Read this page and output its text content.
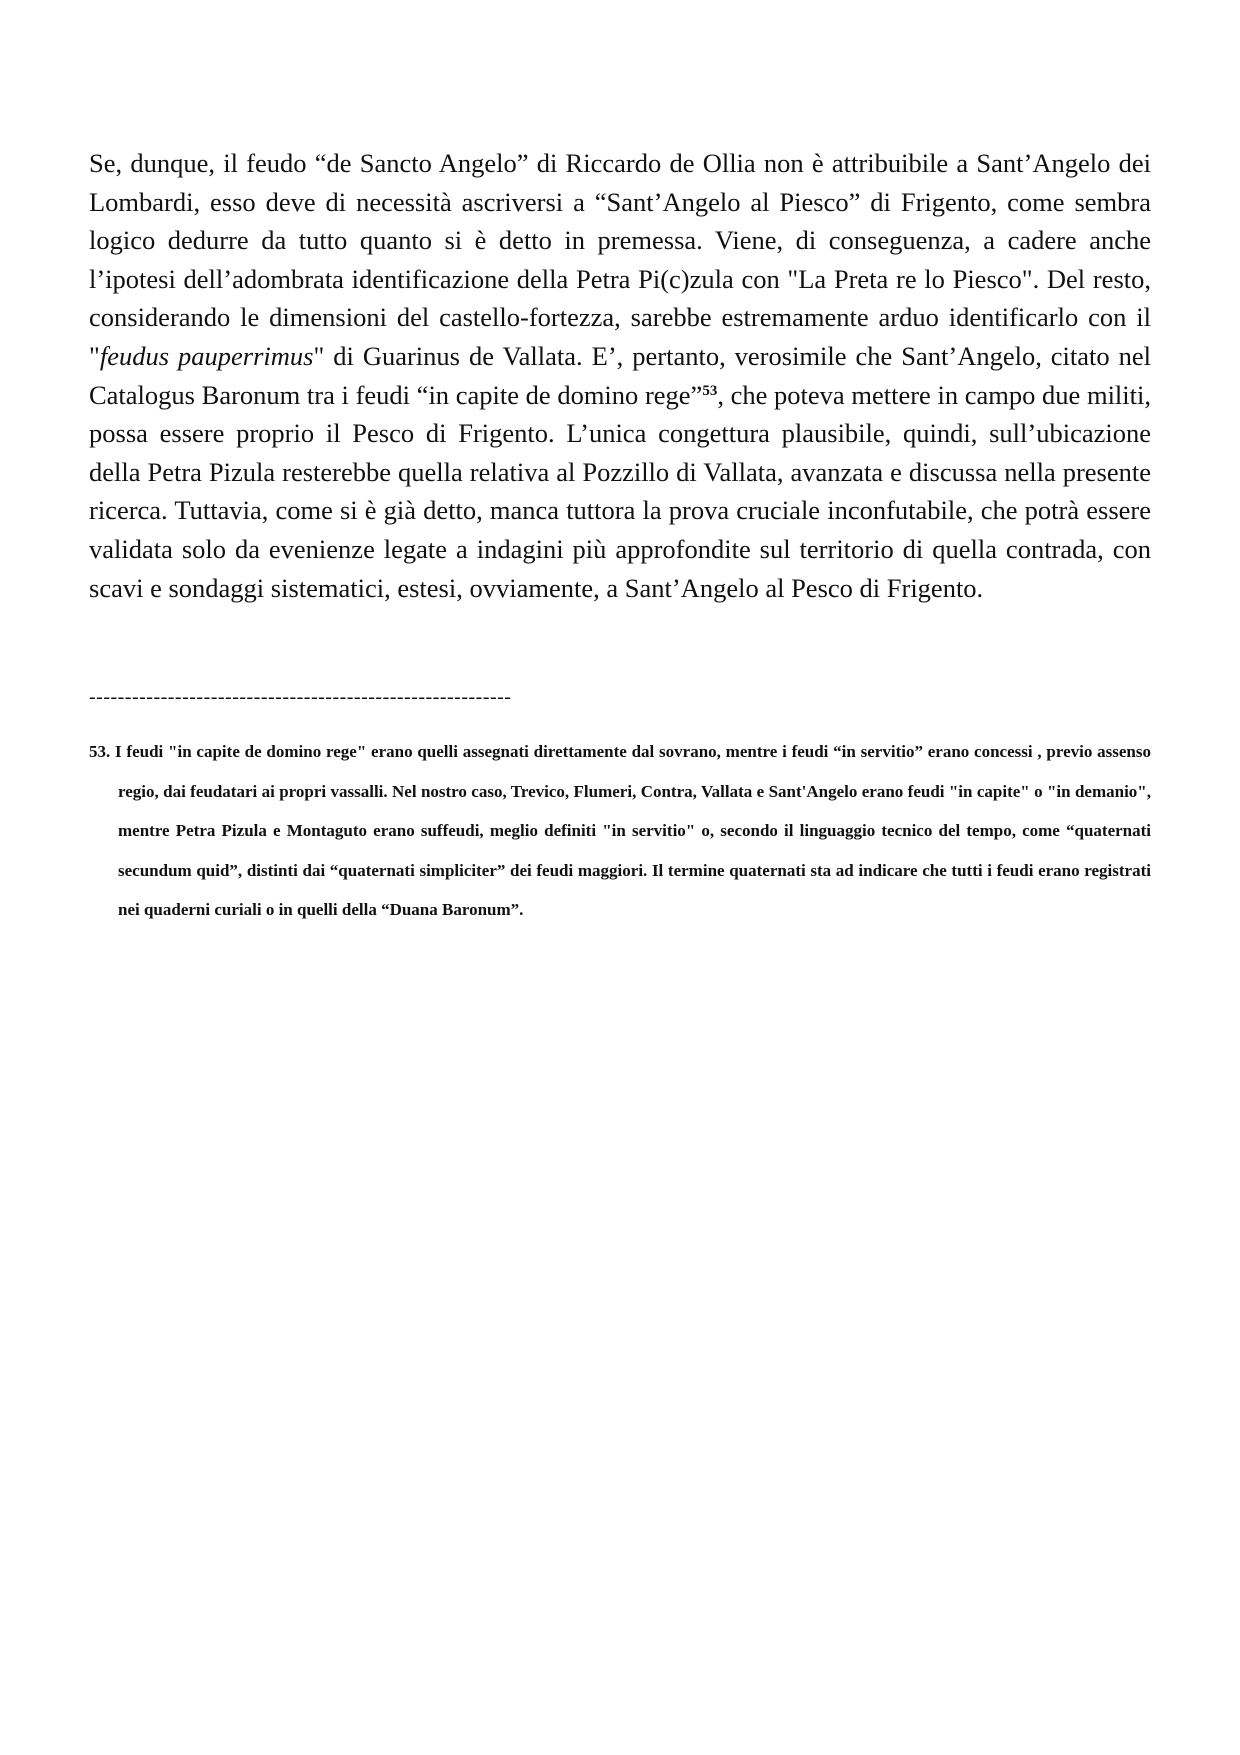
Se, dunque, il feudo “de Sancto Angelo” di Riccardo de Ollia non è attribuibile a Sant’Angelo dei Lombardi, esso deve di necessità ascriversi a “Sant’Angelo al Piesco” di Frigento, come sembra logico dedurre da tutto quanto si è detto in premessa. Viene, di conseguenza, a cadere anche l’ipotesi dell’adombrata identificazione della Petra Pi(c)zula con "La Preta re lo Piesco". Del resto, considerando le dimensioni del castello-fortezza, sarebbe estremamente arduo identificarlo con il "feudus pauperrimus" di Guarinus de Vallata. E’, pertanto, verosimile che Sant’Angelo, citato nel Catalogus Baronum tra i feudi “in capite de domino rege”$^{53}$, che poteva mettere in campo due militi, possa essere proprio il Pesco di Frigento. L’unica congettura plausibile, quindi, sull’ubicazione della Petra Pizula resterebbe quella relativa al Pozzillo di Vallata, avanzata e discussa nella presente ricerca. Tuttavia, come si è già detto, manca tuttora la prova cruciale inconfutabile, che potrà essere validata solo da evenienze legate a indagini più approfondite sul territorio di quella contrada, con scavi e sondaggi sistematici, estesi, ovviamente, a Sant’Angelo al Pesco di Frigento.

-----------------------------------------------------------

53. I feudi "in capite de domino rege" erano quelli assegnati direttamente dal sovrano, mentre i feudi “in servitio” erano concessi , previo assenso regio, dai feudatari ai propri vassalli. Nel nostro caso, Trevico, Flumeri, Contra, Vallata e Sant'Angelo erano feudi "in capite" o "in demanio", mentre Petra Pizula e Montaguto erano suffeudi, meglio definiti "in servitio" o, secondo il linguaggio tecnico del tempo, come “quaternati secundum quid”, distinti dai “quaternati simpliciter” dei feudi maggiori. Il termine quaternati sta ad indicare che tutti i feudi erano registrati nei quaderni curiali o in quelli della “Duana Baronum”.
